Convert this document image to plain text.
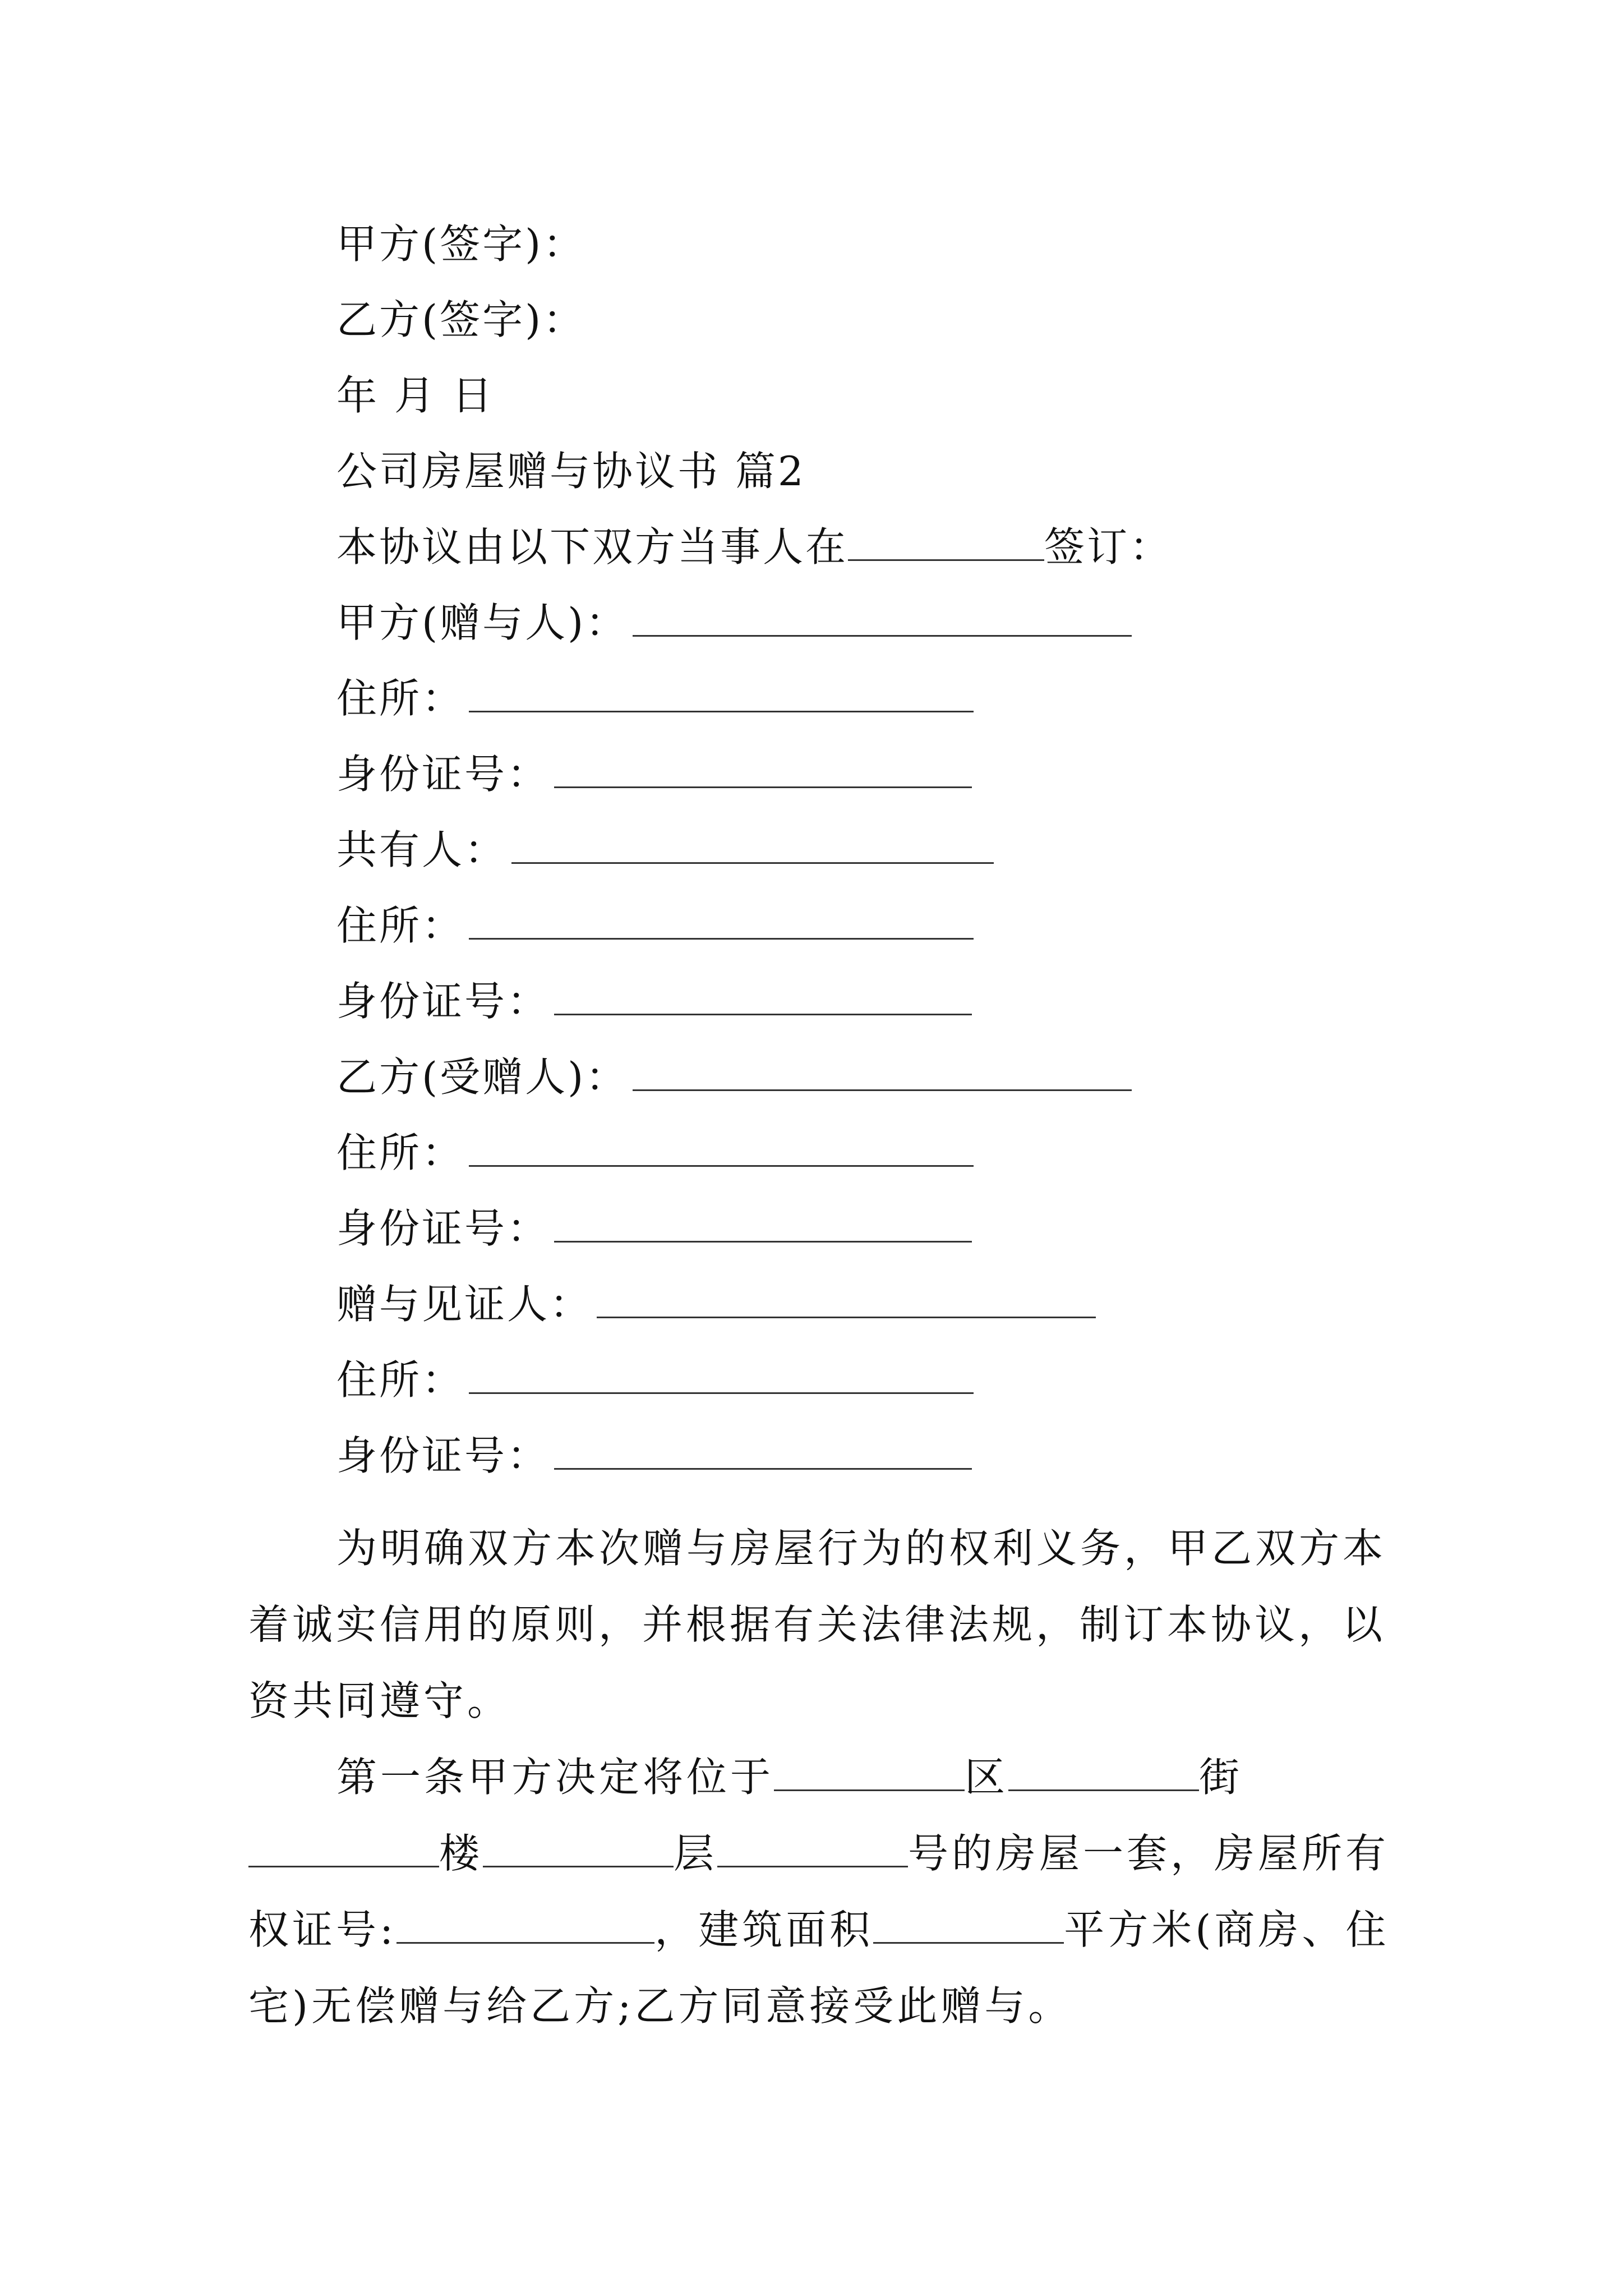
甲方(签字)：
乙方(签字)：
年 月 日
公司房屋赠与协议书 篇2
本协议由以下双方当事人在	签订：
甲方(赠与人)：
住所：
身份证号：
共有人：
住所：
身份证号：
乙方(受赠人)：
住所：
身份证号：
赠与见证人：
住所：
身份证号：
为明确双方本次赠与房屋行为的权利义务，甲乙双方本着诚实信用的原则，并根据有关法律法规，制订本协议，以资共同遵守。
第一条甲方决定将位于	区	街楼	层	号的房屋一套，房屋所有权证号:	，建筑面积	平方米(商房、住宅)无偿赠与给乙方;乙方同意接受此赠与。
